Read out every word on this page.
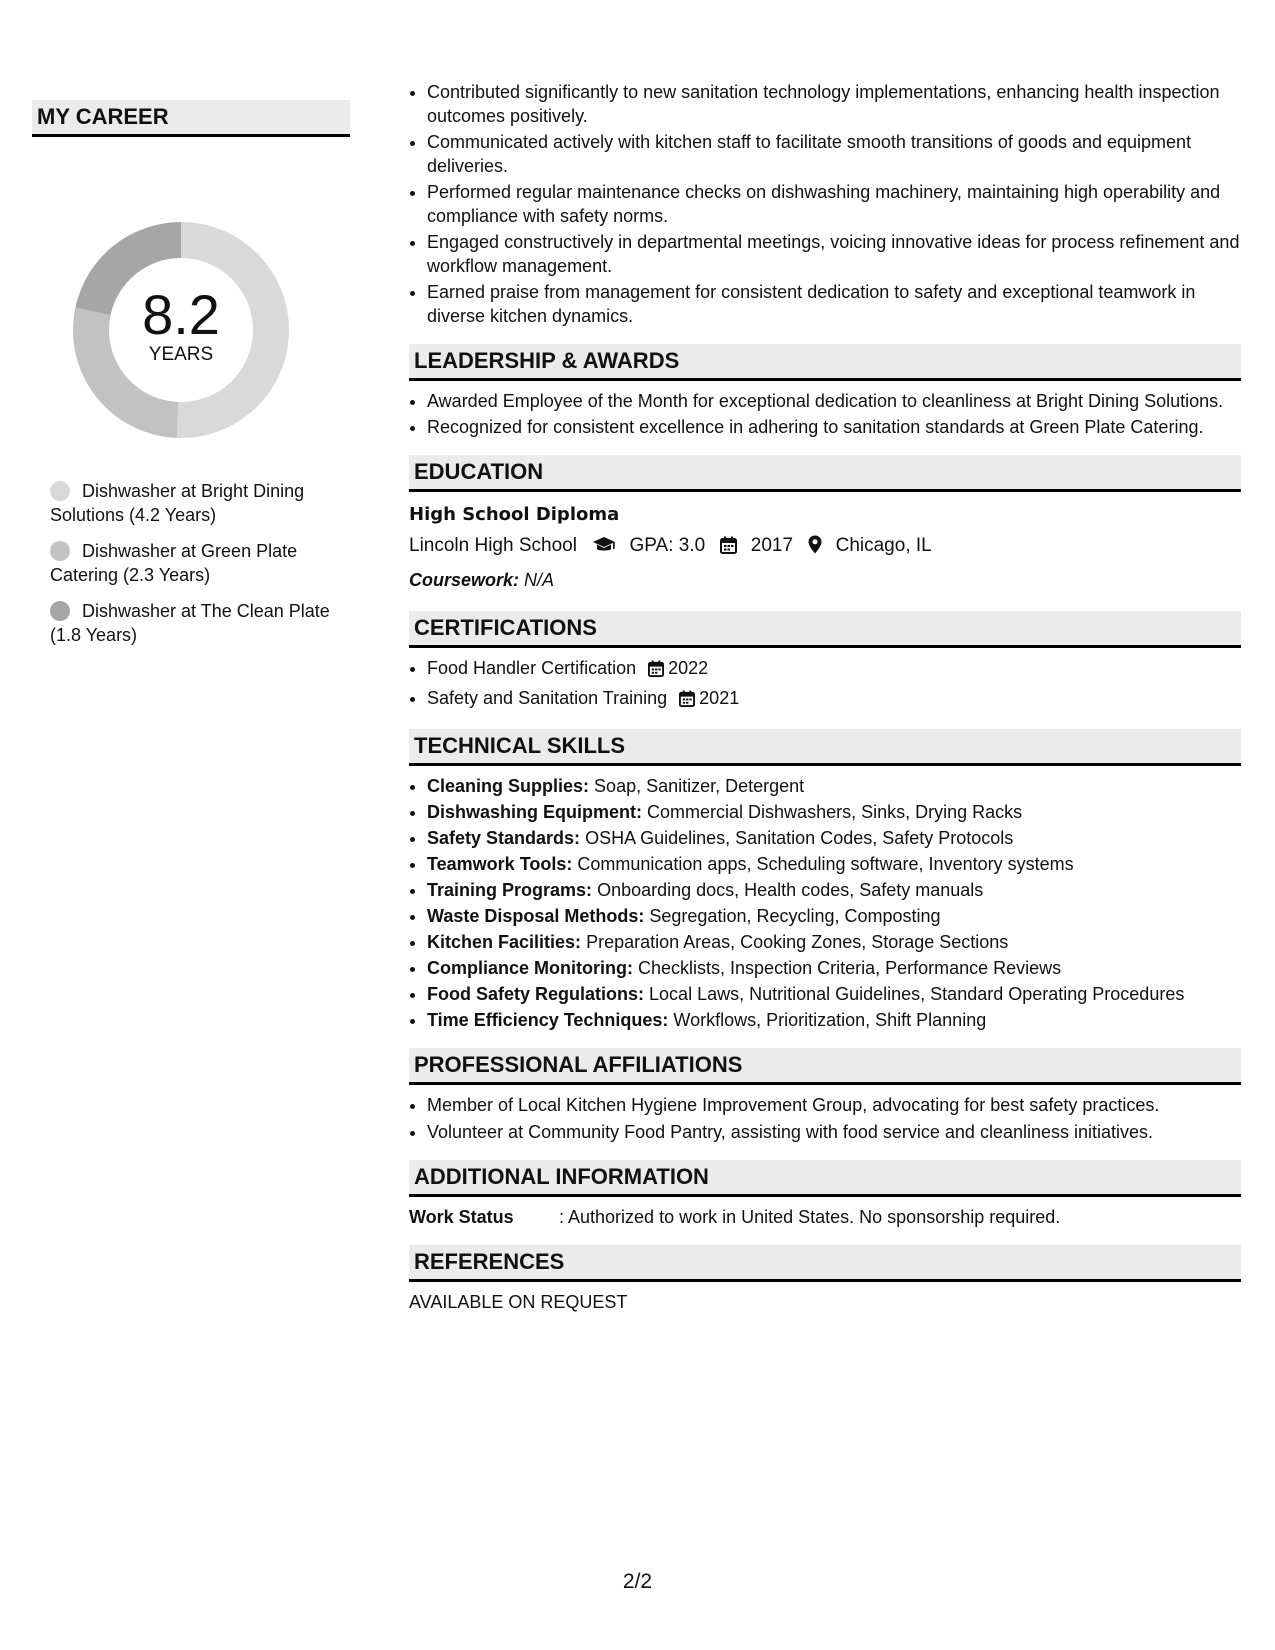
MY CAREER
8.2
YEARS
Dishwasher at Bright Dining Solutions (4.2 Years)
Dishwasher at Green Plate Catering (2.3 Years)
Dishwasher at The Clean Plate (1.8 Years)
• Contributed significantly to new sanitation technology implementations, enhancing health inspection outcomes positively.
• Communicated actively with kitchen staff to facilitate smooth transitions of goods and equipment deliveries.
• Performed regular maintenance checks on dishwashing machinery, maintaining high operability and compliance with safety norms.
• Engaged constructively in departmental meetings, voicing innovative ideas for process refinement and workflow management.
• Earned praise from management for consistent dedication to safety and exceptional teamwork in diverse kitchen dynamics.
LEADERSHIP & AWARDS
• Awarded Employee of the Month for exceptional dedication to cleanliness at Bright Dining Solutions.
• Recognized for consistent excellence in adhering to sanitation standards at Green Plate Catering.
EDUCATION
High School Diploma
Lincoln High School	GPA: 3.0 2017 Chicago, IL
Coursework: N/A
CERTIFICATIONS
• Food Handler Certification 2022
• Safety and Sanitation Training 2021
TECHNICAL SKILLS
• Cleaning Supplies: Soap, Sanitizer, Detergent
• Dishwashing Equipment: Commercial Dishwashers, Sinks, Drying Racks
• Safety Standards: OSHA Guidelines, Sanitation Codes, Safety Protocols
• Teamwork Tools: Communication apps, Scheduling software, Inventory systems
• Training Programs: Onboarding docs, Health codes, Safety manuals
• Waste Disposal Methods: Segregation, Recycling, Composting
• Kitchen Facilities: Preparation Areas, Cooking Zones, Storage Sections
• Compliance Monitoring: Checklists, Inspection Criteria, Performance Reviews
• Food Safety Regulations: Local Laws, Nutritional Guidelines, Standard Operating Procedures
• Time Efficiency Techniques: Workflows, Prioritization, Shift Planning
PROFESSIONAL AFFILIATIONS
• Member of Local Kitchen Hygiene Improvement Group, advocating for best safety practices.
• Volunteer at Community Food Pantry, assisting with food service and cleanliness initiatives.
ADDITIONAL INFORMATION
Work Status	: Authorized to work in United States. No sponsorship required.
REFERENCES
AVAILABLE ON REQUEST
2/2
